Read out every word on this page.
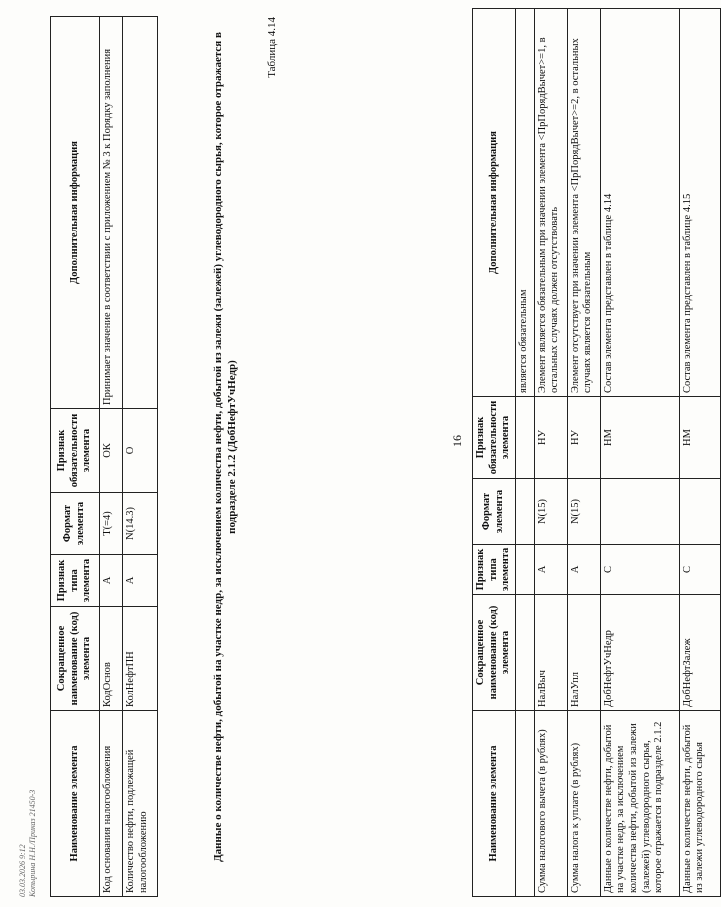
16
Наименование элемента	Сокращенное наименование (код) элемента	Признак типа элемента	Формат элемента	Признак обязательности элемента	Дополнительная информация
					является обязательным
Сумма налогового вычета (в рублях)	НалВыч	А	N(15)	НУ	Элемент является обязательным при значении элемента <ПрПорядВычет>=1, в остальных случаях должен отсутствовать
Сумма налога к уплате (в рублях)	НалУпл	А	N(15)	НУ	Элемент отсутствует при значении элемента <ПрПорядВычет>=2, в остальных случаях является обязательным
Данные о количестве нефти, добытой на участке недр, за исключением количества нефти, добытой из залежи (залежей) углеводородного сырья, которое отражается в подразделе 2.1.2	ДобНефтУчНедр	С		НМ	Состав элемента представлен в таблице 4.14
Данные о количестве нефти, добытой из залежи углеводородного сырья	ДобНефтЗалеж	С		НМ	Состав элемента представлен в таблице 4.15
Таблица 4.14
Данные о количестве нефти, добытой на участке недр, за исключением количества нефти, добытой из залежи (залежей) углеводородного сырья, которое отражается в подразделе 2.1.2 (ДобНефтУчНедр)
Наименование элемента	Сокращенное наименование (код) элемента	Признак типа элемента	Формат элемента	Признак обязательности элемента	Дополнительная информация
Код основания налогообложения	КодОснов	А	T(=4)	ОК	Принимает значение в соответствии с приложением № 3 к Порядку заполнения
Количество нефти, подлежащей налогообложению	КолНефтПН	А	N(14.3)	О	
03.03.2026 9:12 Копырина Н.Н./Приказ 21450-3
